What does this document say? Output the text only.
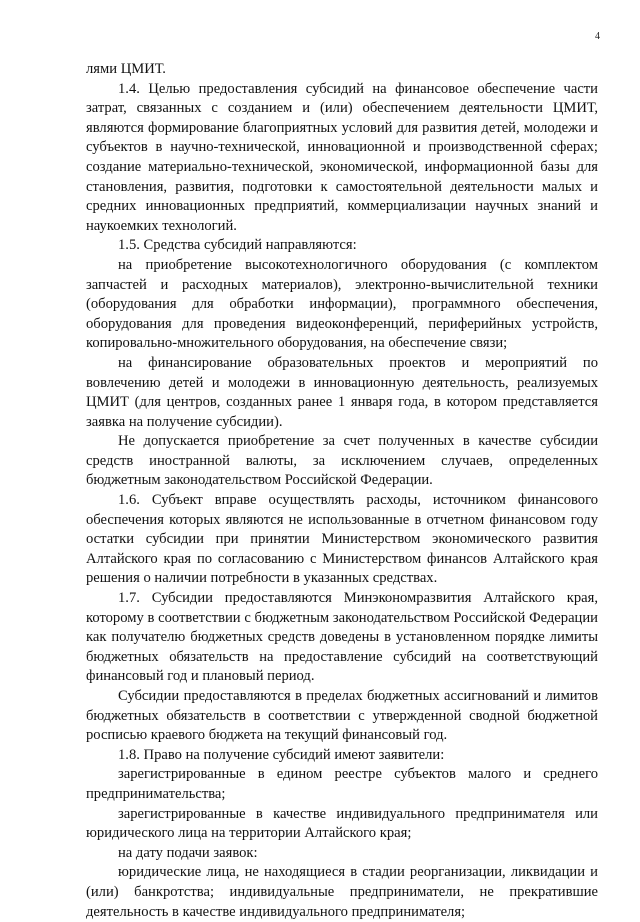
4

лями ЦМИТ.

1.4. Целью предоставления субсидий на финансовое обеспечение части затрат, связанных с созданием и (или) обеспечением деятельности ЦМИТ, являются формирование благоприятных условий для развития детей, молодежи и субъектов в научно-технической, инновационной и производственной сферах; создание материально-технической, экономической, информационной базы для становления, развития, подготовки к самостоятельной деятельности малых и средних инновационных предприятий, коммерциализации научных знаний и наукоемких технологий.

1.5. Средства субсидий направляются:

на приобретение высокотехнологичного оборудования (с комплектом запчастей и расходных материалов), электронно-вычислительной техники (оборудования для обработки информации), программного обеспечения, оборудования для проведения видеоконференций, периферийных устройств, копировально-множительного оборудования, на обеспечение связи;

на финансирование образовательных проектов и мероприятий по вовлечению детей и молодежи в инновационную деятельность, реализуемых ЦМИТ (для центров, созданных ранее 1 января года, в котором представляется заявка на получение субсидии).

Не допускается приобретение за счет полученных в качестве субсидии средств иностранной валюты, за исключением случаев, определенных бюджетным законодательством Российской Федерации.

1.6. Субъект вправе осуществлять расходы, источником финансового обеспечения которых являются не использованные в отчетном финансовом году остатки субсидии при принятии Министерством экономического развития Алтайского края по согласованию с Министерством финансов Алтайского края решения о наличии потребности в указанных средствах.

1.7. Субсидии предоставляются Минэкономразвития Алтайского края, которому в соответствии с бюджетным законодательством Российской Федерации как получателю бюджетных средств доведены в установленном порядке лимиты бюджетных обязательств на предоставление субсидий на соответствующий финансовый год и плановый период.

Субсидии предоставляются в пределах бюджетных ассигнований и лимитов бюджетных обязательств в соответствии с утвержденной сводной бюджетной росписью краевого бюджета на текущий финансовый год.

1.8. Право на получение субсидий имеют заявители:

зарегистрированные в едином реестре субъектов малого и среднего предпринимательства;

зарегистрированные в качестве индивидуального предпринимателя или юридического лица на территории Алтайского края;

на дату подачи заявок:

юридические лица, не находящиеся в стадии реорганизации, ликвидации и (или) банкротства; индивидуальные предприниматели, не прекратившие деятельность в качестве индивидуального предпринимателя;
